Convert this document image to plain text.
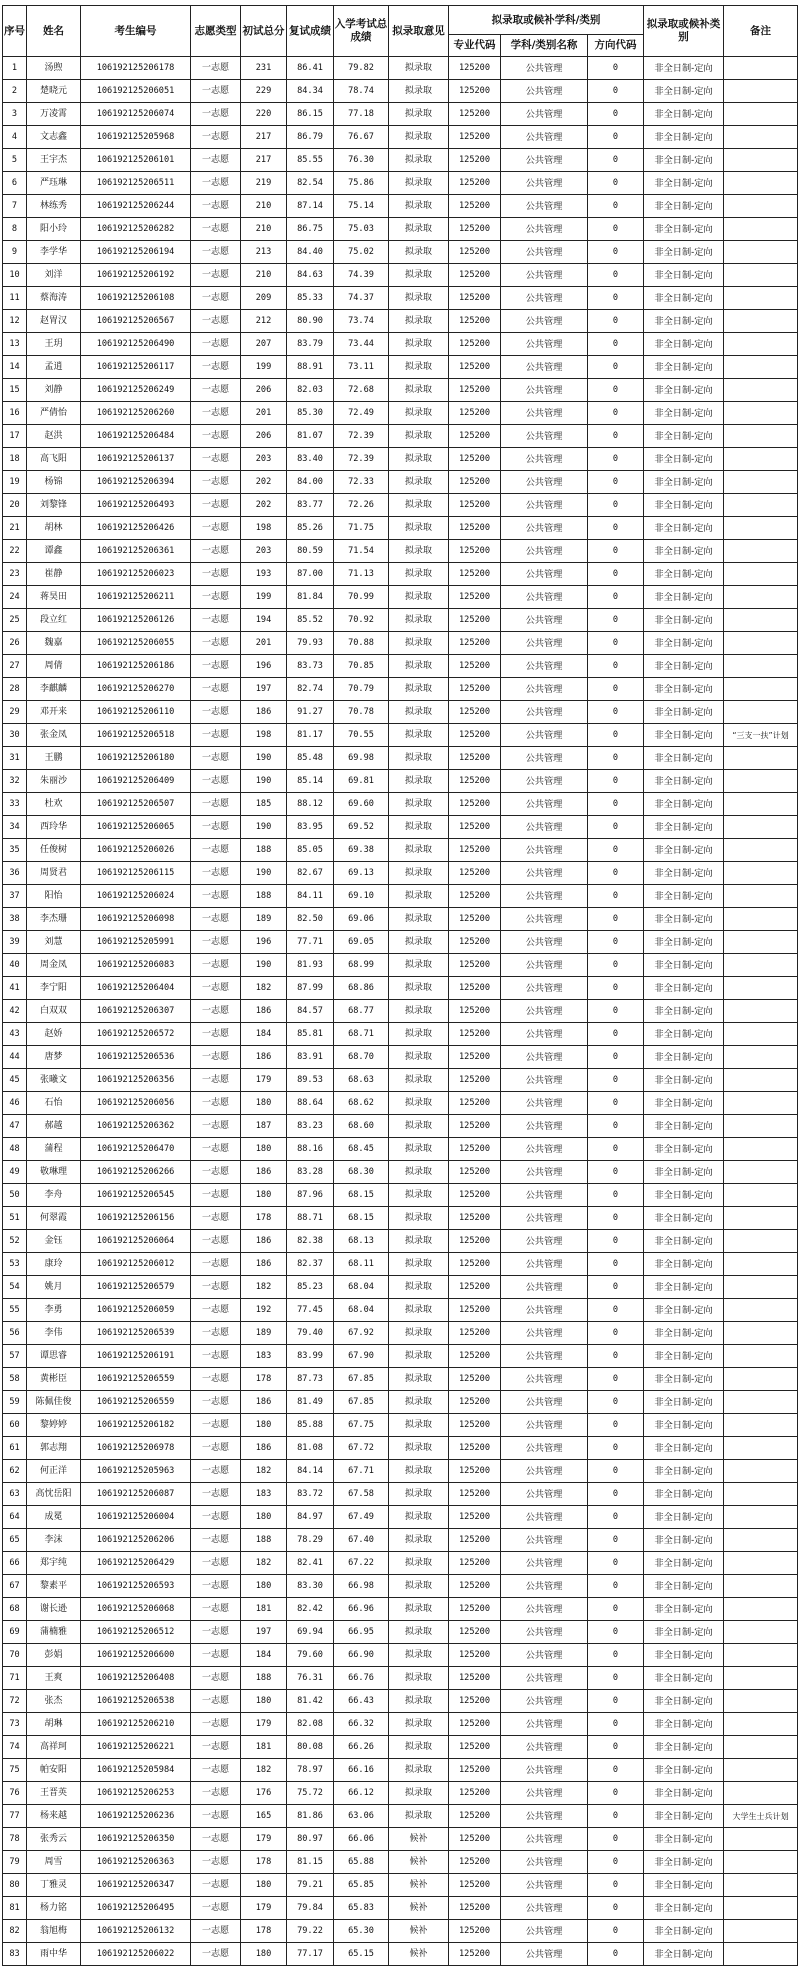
序号	姓名	考生编号	志愿类型	初试总分	复试成绩	入学考试总成绩	拟录取意见	拟录取或候补学科/类别			拟录取或候补类别	备注
								专业代码	学科/类别名称	方向代码		
1	汤煦	106192125206178	一志愿	231	86.41	79.82	拟录取	125200	公共管理	0	非全日制-定向	
2	楚晓元	106192125206051	一志愿	229	84.34	78.74	拟录取	125200	公共管理	0	非全日制-定向	
3	万凌霄	106192125206074	一志愿	220	86.15	77.18	拟录取	125200	公共管理	0	非全日制-定向	
4	文志鑫	106192125205968	一志愿	217	86.79	76.67	拟录取	125200	公共管理	0	非全日制-定向	
5	王宇杰	106192125206101	一志愿	217	85.55	76.30	拟录取	125200	公共管理	0	非全日制-定向	
6	严珏琳	106192125206511	一志愿	219	82.54	75.86	拟录取	125200	公共管理	0	非全日制-定向	
7	林练秀	106192125206244	一志愿	210	87.14	75.14	拟录取	125200	公共管理	0	非全日制-定向	
8	阳小玲	106192125206282	一志愿	210	86.75	75.03	拟录取	125200	公共管理	0	非全日制-定向	
9	李学华	106192125206194	一志愿	213	84.40	75.02	拟录取	125200	公共管理	0	非全日制-定向	
10	刘洋	106192125206192	一志愿	210	84.63	74.39	拟录取	125200	公共管理	0	非全日制-定向	
11	蔡海涛	106192125206108	一志愿	209	85.33	74.37	拟录取	125200	公共管理	0	非全日制-定向	
12	赵胃汉	106192125206567	一志愿	212	80.90	73.74	拟录取	125200	公共管理	0	非全日制-定向	
13	王玥	106192125206490	一志愿	207	83.79	73.44	拟录取	125200	公共管理	0	非全日制-定向	
14	孟逍	106192125206117	一志愿	199	88.91	73.11	拟录取	125200	公共管理	0	非全日制-定向	
15	刘静	106192125206249	一志愿	206	82.03	72.68	拟录取	125200	公共管理	0	非全日制-定向	
16	严倩怡	106192125206260	一志愿	201	85.30	72.49	拟录取	125200	公共管理	0	非全日制-定向	
17	赵洪	106192125206484	一志愿	206	81.07	72.39	拟录取	125200	公共管理	0	非全日制-定向	
18	高飞阳	106192125206137	一志愿	203	83.40	72.39	拟录取	125200	公共管理	0	非全日制-定向	
19	杨锦	106192125206394	一志愿	202	84.00	72.33	拟录取	125200	公共管理	0	非全日制-定向	
20	刘黎锋	106192125206493	一志愿	202	83.77	72.26	拟录取	125200	公共管理	0	非全日制-定向	
21	胡林	106192125206426	一志愿	198	85.26	71.75	拟录取	125200	公共管理	0	非全日制-定向	
22	谭鑫	106192125206361	一志愿	203	80.59	71.54	拟录取	125200	公共管理	0	非全日制-定向	
23	崔静	106192125206023	一志愿	193	87.00	71.13	拟录取	125200	公共管理	0	非全日制-定向	
24	蒋昊田	106192125206211	一志愿	199	81.84	70.99	拟录取	125200	公共管理	0	非全日制-定向	
25	段立红	106192125206126	一志愿	194	85.52	70.92	拟录取	125200	公共管理	0	非全日制-定向	
26	魏嘉	106192125206055	一志愿	201	79.93	70.88	拟录取	125200	公共管理	0	非全日制-定向	
27	周倩	106192125206186	一志愿	196	83.73	70.85	拟录取	125200	公共管理	0	非全日制-定向	
28	李麒麟	106192125206270	一志愿	197	82.74	70.79	拟录取	125200	公共管理	0	非全日制-定向	
29	邓开来	106192125206110	一志愿	186	91.27	70.78	拟录取	125200	公共管理	0	非全日制-定向	
30	张金凤	106192125206518	一志愿	198	81.17	70.55	拟录取	125200	公共管理	0	非全日制-定向	“三支一扶”计划
31	王鹏	106192125206180	一志愿	190	85.48	69.98	拟录取	125200	公共管理	0	非全日制-定向	
32	朱丽沙	106192125206409	一志愿	190	85.14	69.81	拟录取	125200	公共管理	0	非全日制-定向	
33	杜欢	106192125206507	一志愿	185	88.12	69.60	拟录取	125200	公共管理	0	非全日制-定向	
34	西玲华	106192125206065	一志愿	190	83.95	69.52	拟录取	125200	公共管理	0	非全日制-定向	
35	任俊树	106192125206026	一志愿	188	85.05	69.38	拟录取	125200	公共管理	0	非全日制-定向	
36	周贤君	106192125206115	一志愿	190	82.67	69.13	拟录取	125200	公共管理	0	非全日制-定向	
37	阳怡	106192125206024	一志愿	188	84.11	69.10	拟录取	125200	公共管理	0	非全日制-定向	
38	李杰珊	106192125206098	一志愿	189	82.50	69.06	拟录取	125200	公共管理	0	非全日制-定向	
39	刘慧	106192125205991	一志愿	196	77.71	69.05	拟录取	125200	公共管理	0	非全日制-定向	
40	周金凤	106192125206083	一志愿	190	81.93	68.99	拟录取	125200	公共管理	0	非全日制-定向	
41	李宁阳	106192125206404	一志愿	182	87.99	68.86	拟录取	125200	公共管理	0	非全日制-定向	
42	白双双	106192125206307	一志愿	186	84.57	68.77	拟录取	125200	公共管理	0	非全日制-定向	
43	赵娇	106192125206572	一志愿	184	85.81	68.71	拟录取	125200	公共管理	0	非全日制-定向	
44	唐梦	106192125206536	一志愿	186	83.91	68.70	拟录取	125200	公共管理	0	非全日制-定向	
45	张曦文	106192125206356	一志愿	179	89.53	68.63	拟录取	125200	公共管理	0	非全日制-定向	
46	石怡	106192125206056	一志愿	180	88.64	68.62	拟录取	125200	公共管理	0	非全日制-定向	
47	郝越	106192125206362	一志愿	187	83.23	68.60	拟录取	125200	公共管理	0	非全日制-定向	
48	蒲程	106192125206470	一志愿	180	88.16	68.45	拟录取	125200	公共管理	0	非全日制-定向	
49	敬琳理	106192125206266	一志愿	186	83.28	68.30	拟录取	125200	公共管理	0	非全日制-定向	
50	李舟	106192125206545	一志愿	180	87.96	68.15	拟录取	125200	公共管理	0	非全日制-定向	
51	何翠霞	106192125206156	一志愿	178	88.71	68.15	拟录取	125200	公共管理	0	非全日制-定向	
52	金钰	106192125206064	一志愿	186	82.38	68.13	拟录取	125200	公共管理	0	非全日制-定向	
53	康玲	106192125206012	一志愿	186	82.37	68.11	拟录取	125200	公共管理	0	非全日制-定向	
54	姚月	106192125206579	一志愿	182	85.23	68.04	拟录取	125200	公共管理	0	非全日制-定向	
55	李勇	106192125206059	一志愿	192	77.45	68.04	拟录取	125200	公共管理	0	非全日制-定向	
56	李伟	106192125206539	一志愿	189	79.40	67.92	拟录取	125200	公共管理	0	非全日制-定向	
57	谭思睿	106192125206191	一志愿	183	83.99	67.90	拟录取	125200	公共管理	0	非全日制-定向	
58	黄彬臣	106192125206559	一志愿	178	87.73	67.85	拟录取	125200	公共管理	0	非全日制-定向	
59	陈佩佳俊	106192125206559	一志愿	186	81.49	67.85	拟录取	125200	公共管理	0	非全日制-定向	
60	黎婷婷	106192125206182	一志愿	180	85.88	67.75	拟录取	125200	公共管理	0	非全日制-定向	
61	郭志翔	106192125206978	一志愿	186	81.08	67.72	拟录取	125200	公共管理	0	非全日制-定向	
62	何正洋	106192125205963	一志愿	182	84.14	67.71	拟录取	125200	公共管理	0	非全日制-定向	
63	高忱岳阳	106192125206087	一志愿	183	83.72	67.58	拟录取	125200	公共管理	0	非全日制-定向	
64	成冕	106192125206004	一志愿	180	84.97	67.49	拟录取	125200	公共管理	0	非全日制-定向	
65	李沫	106192125206206	一志愿	188	78.29	67.40	拟录取	125200	公共管理	0	非全日制-定向	
66	郑宇纯	106192125206429	一志愿	182	82.41	67.22	拟录取	125200	公共管理	0	非全日制-定向	
67	黎素平	106192125206593	一志愿	180	83.30	66.98	拟录取	125200	公共管理	0	非全日制-定向	
68	谢长逊	106192125206068	一志愿	181	82.42	66.96	拟录取	125200	公共管理	0	非全日制-定向	
69	蒲楠雅	106192125206512	一志愿	197	69.94	66.95	拟录取	125200	公共管理	0	非全日制-定向	
70	彭娟	106192125206600	一志愿	184	79.60	66.90	拟录取	125200	公共管理	0	非全日制-定向	
71	王爽	106192125206408	一志愿	188	76.31	66.76	拟录取	125200	公共管理	0	非全日制-定向	
72	张杰	106192125206538	一志愿	180	81.42	66.43	拟录取	125200	公共管理	0	非全日制-定向	
73	胡琳	106192125206210	一志愿	179	82.08	66.32	拟录取	125200	公共管理	0	非全日制-定向	
74	高祥珂	106192125206221	一志愿	181	80.08	66.26	拟录取	125200	公共管理	0	非全日制-定向	
75	帕安阳	106192125205984	一志愿	182	78.97	66.16	拟录取	125200	公共管理	0	非全日制-定向	
76	王晋英	106192125206253	一志愿	176	75.72	66.12	拟录取	125200	公共管理	0	非全日制-定向	
77	杨来越	106192125206236	一志愿	165	81.86	63.06	拟录取	125200	公共管理	0	非全日制-定向	大学生士兵计划
78	张秀云	106192125206350	一志愿	179	80.97	66.06	候补	125200	公共管理	0	非全日制-定向	
79	周雪	106192125206363	一志愿	178	81.15	65.88	候补	125200	公共管理	0	非全日制-定向	
80	丁雅灵	106192125206347	一志愿	180	79.21	65.85	候补	125200	公共管理	0	非全日制-定向	
81	杨力铭	106192125206495	一志愿	179	79.84	65.83	候补	125200	公共管理	0	非全日制-定向	
82	翁旭梅	106192125206132	一志愿	178	79.22	65.30	候补	125200	公共管理	0	非全日制-定向	
83	雨中华	106192125206022	一志愿	180	77.17	65.15	候补	125200	公共管理	0	非全日制-定向	
